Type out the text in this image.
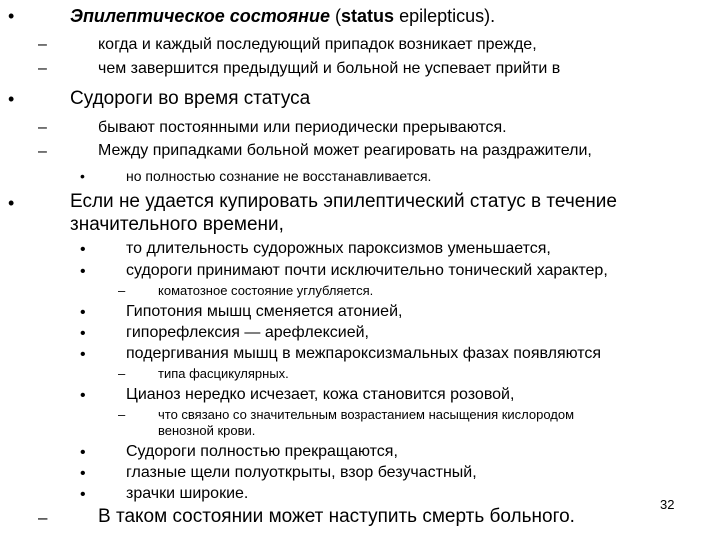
•	Эпилептическое состояние (status epilepticus).
–	когда и каждый последующий припадок возникает прежде,
–	чем завершится предыдущий и больной не успевает прийти в
•	Судороги во время статуса
–	бывают постоянными или периодически прерываются.
–	Между припадками больной может реагировать на раздражители,
•	но полностью сознание не восстанавливается.
•	Если не удается купировать эпилептический статус в течение
значительного времени,
•	то длительность судорожных пароксизмов уменьшается,
•	судороги принимают почти исключительно тонический характер,
–	коматозное состояние углубляется.
•	Гипотония мышц сменяется атонией,
•	гипорефлексия — арефлексией,
•	подергивания мышц в межпароксизмальных фазах появляются
–	типа фасцикулярных.
•	Цианоз нередко исчезает, кожа становится розовой,
–	что связано со значительным возрастанием насыщения кислородом
венозной крови.
•	Судороги полностью прекращаются,
•	глазные щели полуоткрыты, взор безучастный,
•	зрачки широкие.
32
–	В таком состоянии может наступить смерть больного.
